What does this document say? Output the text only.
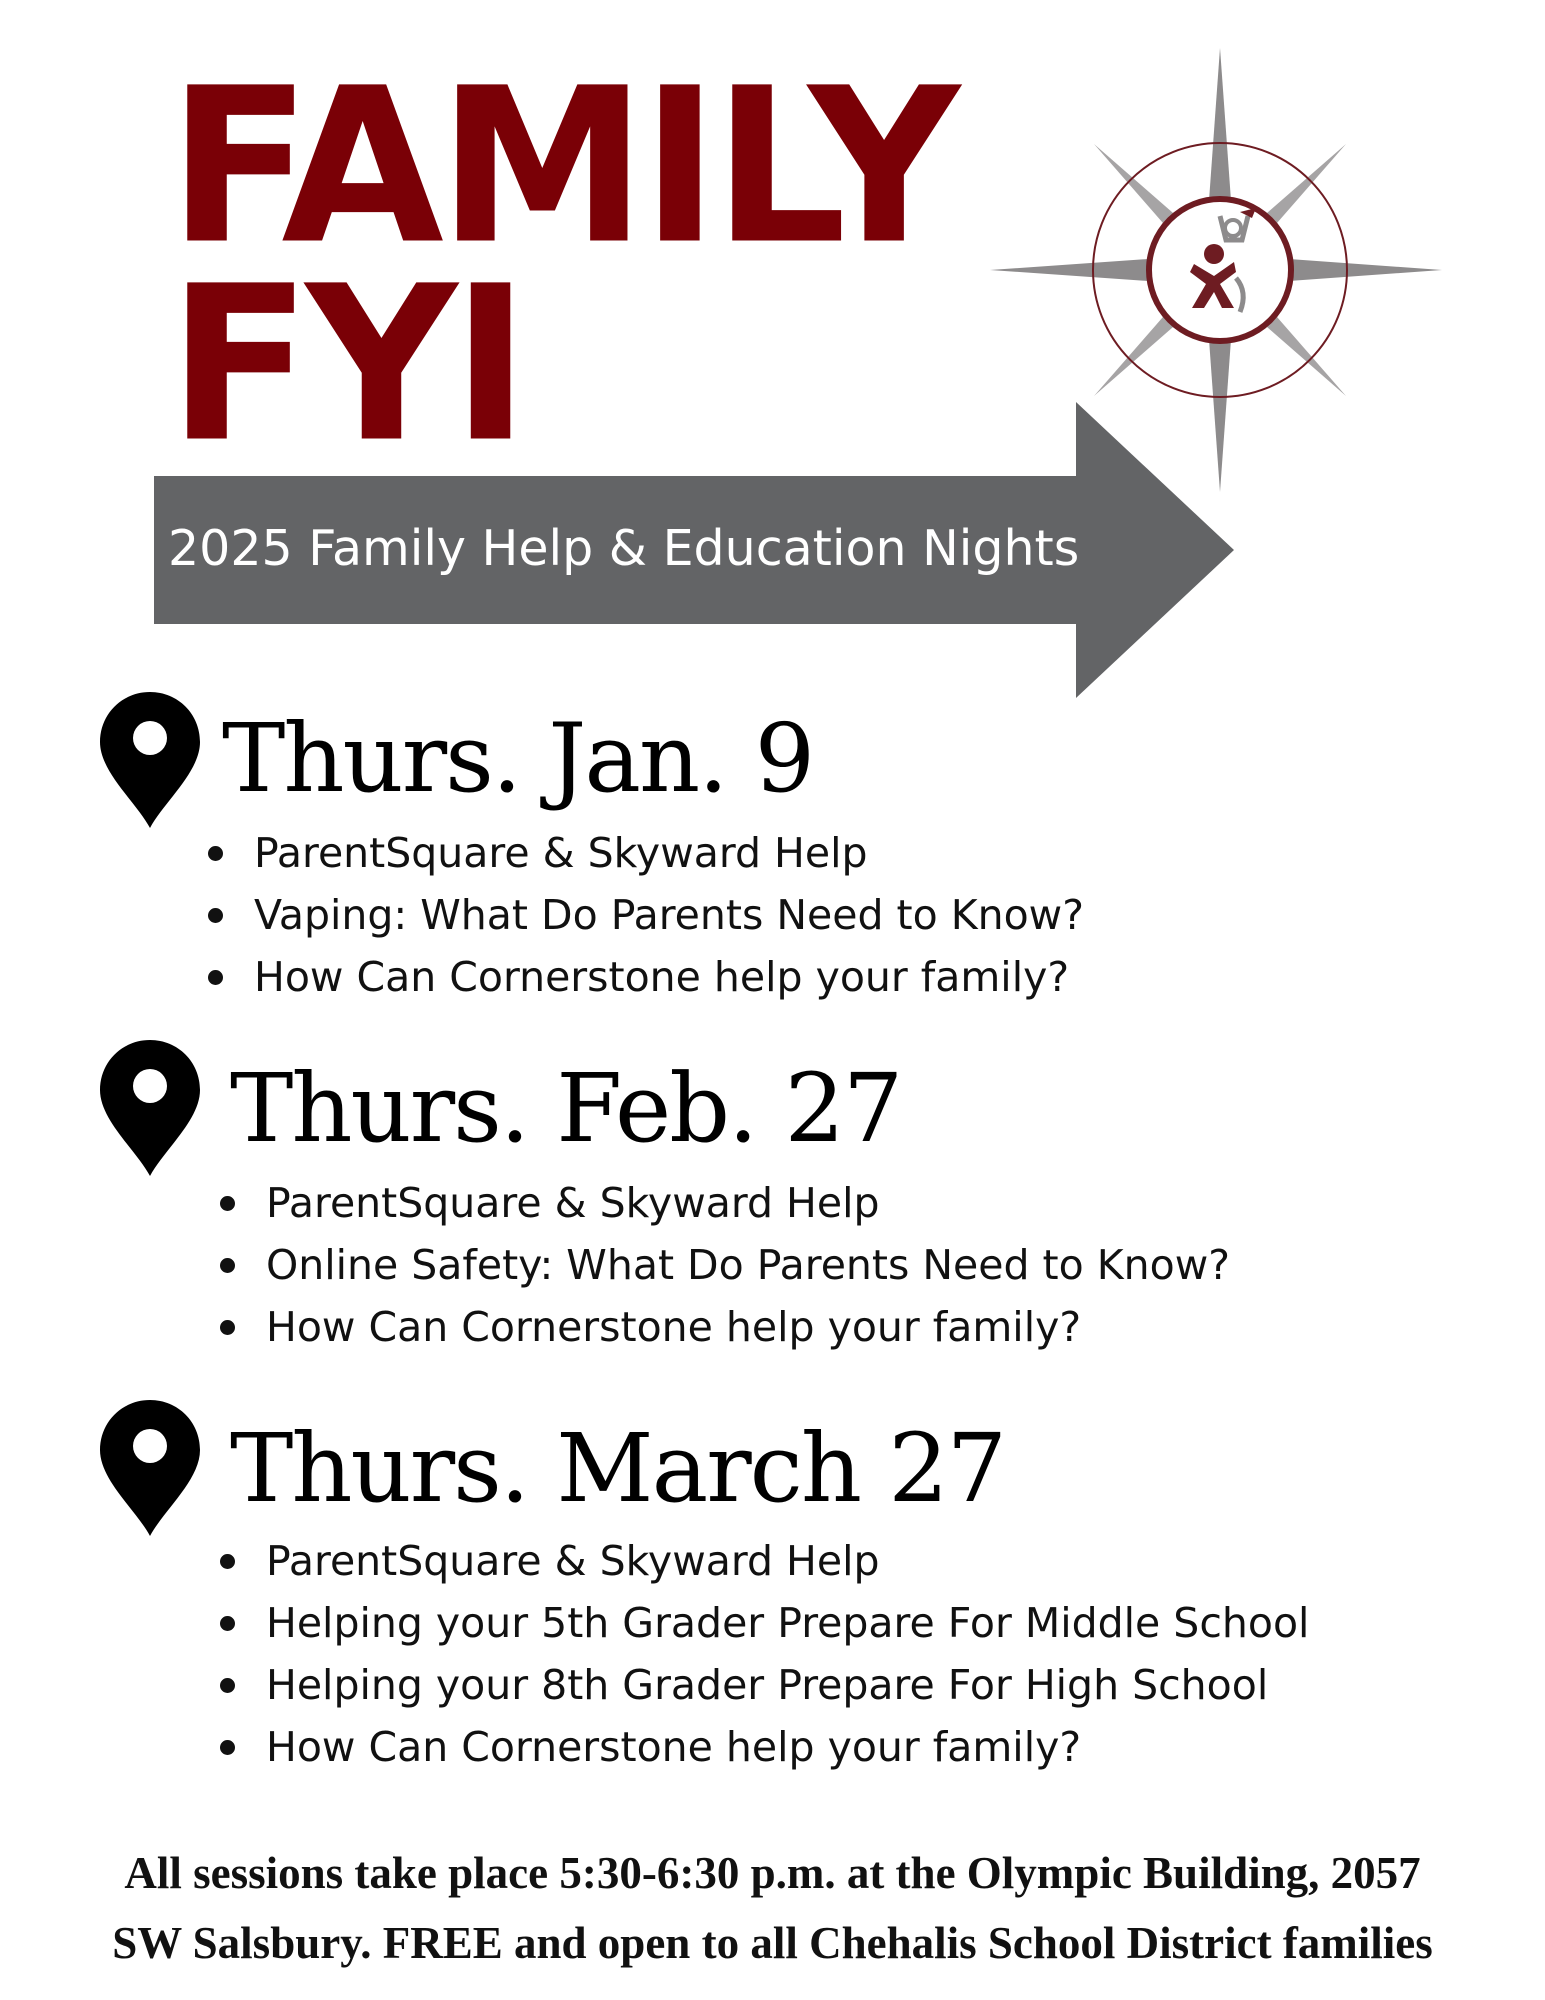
FAMILY
FYI
2025 Family Help & Education Nights
Thurs. Jan. 9
ParentSquare & Skyward Help
Vaping: What Do Parents Need to Know?
How Can Cornerstone help your family?
Thurs. Feb. 27
ParentSquare & Skyward Help
Online Safety: What Do Parents Need to Know?
How Can Cornerstone help your family?
Thurs. March 27
ParentSquare & Skyward Help
Helping your 5th Grader Prepare For Middle School
Helping your 8th Grader Prepare For High School
How Can Cornerstone help your family?
All sessions take place 5:30-6:30 p.m. at the Olympic Building, 2057
SW Salsbury. FREE and open to all Chehalis School District families
